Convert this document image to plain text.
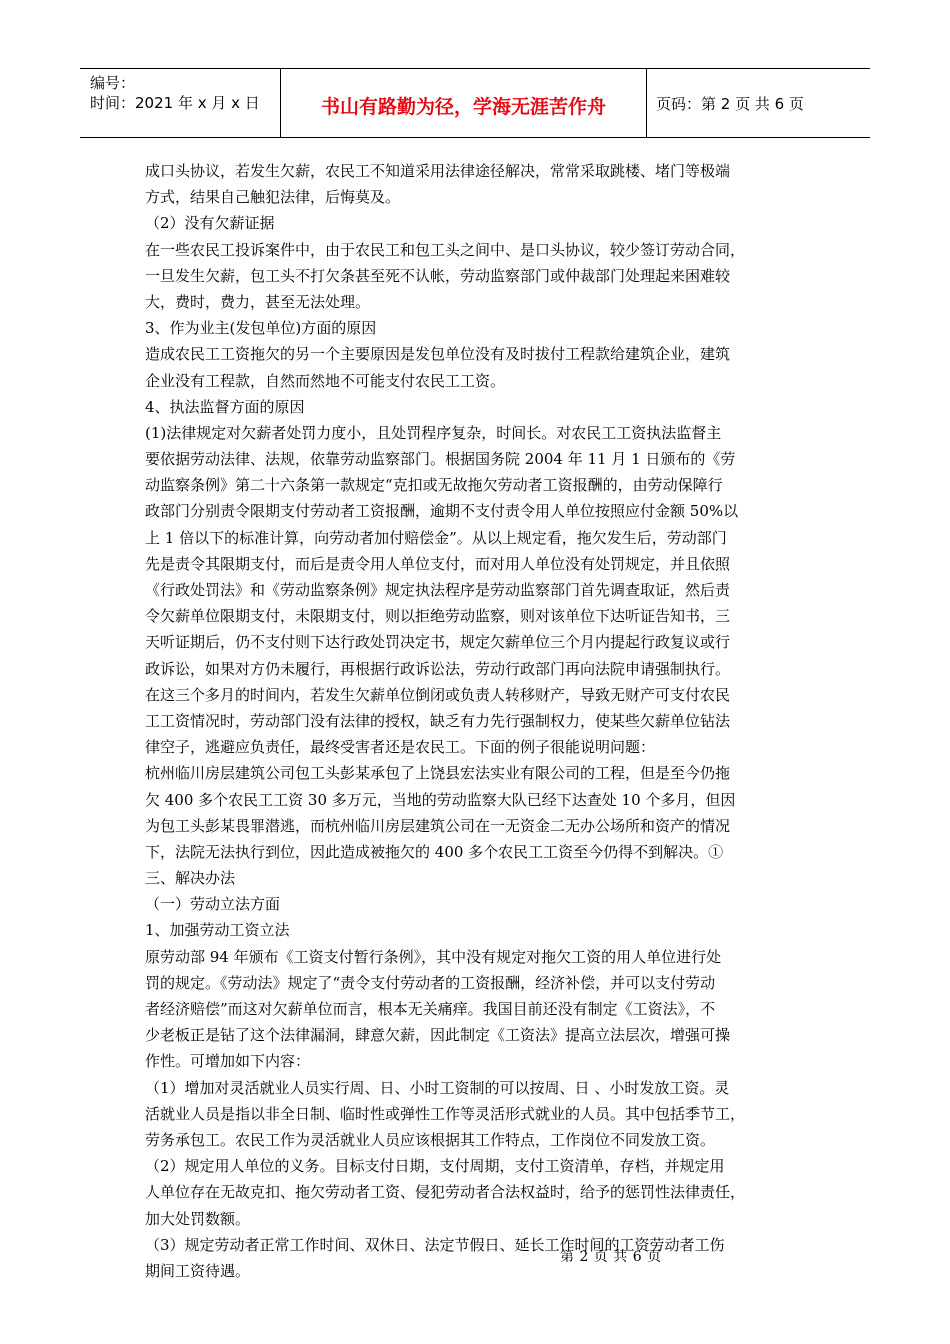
编号：
时间：2021 年 x 月 x 日	书山有路勤为径，学海无涯苦作舟	页码：第 2 页 共 6 页
成口头协议，若发生欠薪，农民工不知道采用法律途径解决，常常采取跳楼、堵门等极端
方式，结果自己触犯法律，后悔莫及。
（2）没有欠薪证据
在一些农民工投诉案件中，由于农民工和包工头之间中、是口头协议，较少签订劳动合同，
一旦发生欠薪，包工头不打欠条甚至死不认帐，劳动监察部门或仲裁部门处理起来困难较
大，费时，费力，甚至无法处理。
3、作为业主(发包单位)方面的原因
造成农民工工资拖欠的另一个主要原因是发包单位没有及时拔付工程款给建筑企业，建筑
企业没有工程款，自然而然地不可能支付农民工工资。
4、执法监督方面的原因
(1)法律规定对欠薪者处罚力度小，且处罚程序复杂，时间长。对农民工工资执法监督主
要依据劳动法律、法规，依靠劳动监察部门。根据国务院 2004 年 11 月 1 日颁布的《劳
动监察条例》第二十六条第一款规定“克扣或无故拖欠劳动者工资报酬的，由劳动保障行
政部门分别责令限期支付劳动者工资报酬，逾期不支付责令用人单位按照应付金额 50%以
上 1 倍以下的标准计算，向劳动者加付赔偿金”。从以上规定看，拖欠发生后，劳动部门
先是责令其限期支付，而后是责令用人单位支付，而对用人单位没有处罚规定，并且依照
《行政处罚法》和《劳动监察条例》规定执法程序是劳动监察部门首先调查取证，然后责
令欠薪单位限期支付，未限期支付，则以拒绝劳动监察，则对该单位下达听证告知书，三
天听证期后，仍不支付则下达行政处罚决定书，规定欠薪单位三个月内提起行政复议或行
政诉讼，如果对方仍未履行，再根据行政诉讼法，劳动行政部门再向法院申请强制执行。
在这三个多月的时间内，若发生欠薪单位倒闭或负责人转移财产，导致无财产可支付农民
工工资情况时，劳动部门没有法律的授权，缺乏有力先行强制权力，使某些欠薪单位钻法
律空子，逃避应负责任，最终受害者还是农民工。下面的例子很能说明问题：
杭州临川房层建筑公司包工头彭某承包了上饶县宏法实业有限公司的工程，但是至今仍拖
欠 400 多个农民工工资 30 多万元，当地的劳动监察大队已经下达查处 10 个多月，但因
为包工头彭某畏罪潜逃，而杭州临川房层建筑公司在一无资金二无办公场所和资产的情况
下，法院无法执行到位，因此造成被拖欠的 400 多个农民工工资至今仍得不到解决。①
三、解决办法
（一）劳动立法方面
1、加强劳动工资立法
原劳动部 94 年颁布《工资支付暂行条例》，其中没有规定对拖欠工资的用人单位进行处
罚的规定。《劳动法》规定了“责令支付劳动者的工资报酬，经济补偿，并可以支付劳动
者经济赔偿”而这对欠薪单位而言，根本无关痛痒。我国目前还没有制定《工资法》，不
少老板正是钻了这个法律漏洞，肆意欠薪，因此制定《工资法》提高立法层次，增强可操
作性。可增加如下内容：
（1）增加对灵活就业人员实行周、日、小时工资制的可以按周、日 、小时发放工资。灵
活就业人员是指以非全日制、临时性或弹性工作等灵活形式就业的人员。其中包括季节工，
劳务承包工。农民工作为灵活就业人员应该根据其工作特点，工作岗位不同发放工资。
（2）规定用人单位的义务。目标支付日期，支付周期，支付工资清单，存档，并规定用
人单位存在无故克扣、拖欠劳动者工资、侵犯劳动者合法权益时，给予的惩罚性法律责任，
加大处罚数额。
（3）规定劳动者正常工作时间、双休日、法定节假日、延长工作时间的工资劳动者工伤
期间工资待遇。
第 2 页 共 6 页
